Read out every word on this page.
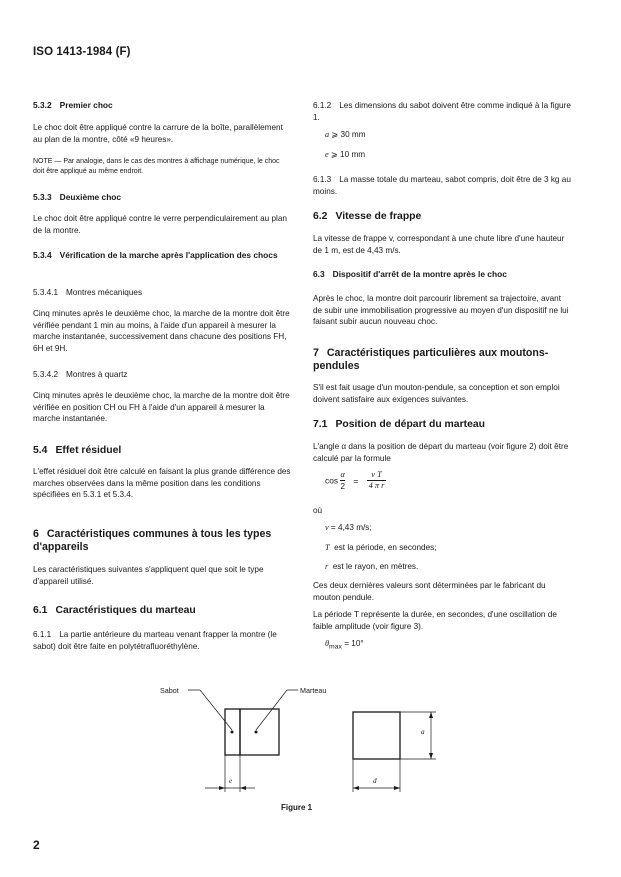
ISO 1413-1984 (F)
5.3.2 Premier choc

Le choc doit être appliqué contre la carrure de la boîte, parallèlement au plan de la montre, côté «9 heures».

NOTE — Par analogie, dans le cas des montres à affichage numérique, le choc doit être appliqué au même endroit.

5.3.3 Deuxième choc

Le choc doit être appliqué contre le verre perpendiculairement au plan de la montre.

5.3.4 Vérification de la marche après l'application des chocs
5.3.4.1 Montres mécaniques

Cinq minutes après le deuxième choc, la marche de la montre doit être vérifiée pendant 1 min au moins, à l'aide d'un appareil à mesurer la marche instantanée, successivement dans chacune des positions FH, 6H et 9H.

5.3.4.2 Montres à quartz

Cinq minutes après le deuxième choc, la marche de la montre doit être vérifiée en position CH ou FH à l'aide d'un appareil à mesurer la marche instantanée.

5.4 Effet résiduel

L'effet résiduel doit être calculé en faisant la plus grande différence des marches observées dans la même position dans les conditions spécifiées en 5.3.1 et 5.3.4.

6 Caractéristiques communes à tous les types d'appareils

Les caractéristiques suivantes s'appliquent quel que soit le type d'appareil utilisé.

6.1 Caractéristiques du marteau

6.1.1 La partie antérieure du marteau venant frapper la montre (le sabot) doit être faite en polytétrafluoréthylène.

6.1.2 Les dimensions du sabot doivent être comme indiqué à la figure 1.

a ⩾ 30 mm
e ⩾ 10 mm

6.1.3 La masse totale du marteau, sabot compris, doit être de 3 kg au moins.

6.2 Vitesse de frappe

La vitesse de frappe v, correspondant à une chute libre d'une hauteur de 1 m, est de 4,43 m/s.

6.3 Dispositif d'arrêt de la montre après le choc

Après le choc, la montre doit parcourir librement sa trajectoire, avant de subir une immobilisation progressive au moyen d'un dispositif ne lui faisant subir aucun nouveau choc.

7 Caractéristiques particulières aux moutons-pendules

S'il est fait usage d'un mouton-pendule, sa conception et son emploi doivent satisfaire aux exigences suivantes.

7.1 Position de départ du marteau

L'angle α dans la position de départ du marteau (voir figure 2) doit être calculé par la formule

$\cos \frac{\alpha}{2} = \frac{\text{v T}}{\text{4 π r}}$
où
v = 4,43 m/s;
T est la période, en secondes;
r est le rayon, en mètres.

Ces deux dernières valeurs sont déterminées par le fabricant du mouton pendule.

La période T représente la durée, en secondes, d'une oscillation de faible amplitude (voir figure 3).

$\theta_{max} = 10^\circ$
Sabot	Marteau
e
a
d
Figure 1
2
